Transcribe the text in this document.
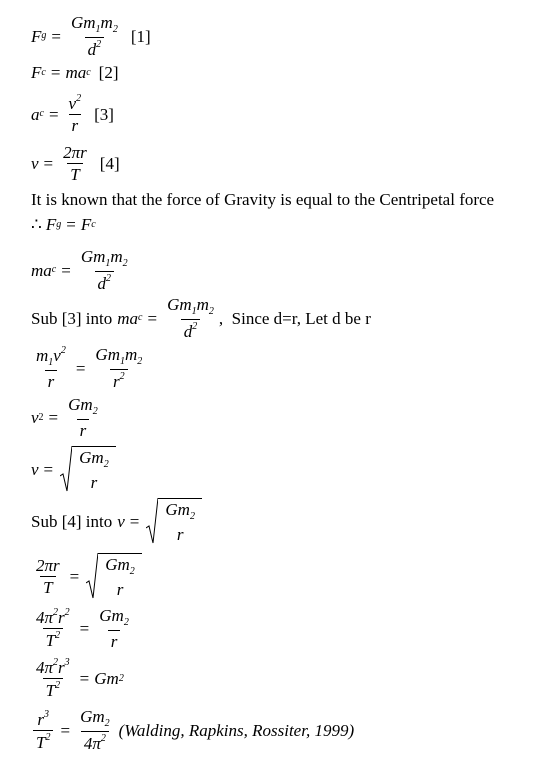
F $g = \frac{Gm_1m_2}{d^2} [1]$
F c = ma c [2]
a $c = \frac{v^2}{r} [3]$
$v = \frac{2\pi r}{T} [4]$
It is known that the force of Gravity is equal to the Centripetal force
∴ F g = F c
ma $c = \frac{Gm_1m_2}{d^2}$
Sub [3] into ma $c = \frac{Gm_1m_2}{d^2}$ ,  Since d=r, Let d be r
$\frac{m_1v^2}{r} = \frac{Gm_1m_2}{r^2}$
v $2 = \frac{Gm_2}{r}$
v =
$Gm_2$
r
Sub [4] into v =
$Gm_2$
r
$\frac{2\pi r}{T}$ =
$Gm_2$
r
$\frac{4\pi^2r^2}{T^2} = \frac{Gm_2}{r}$
$\frac{4\pi^2r^3}{T^2} = Gm$ 2
$\frac{r^3}{T^2} = \frac{Gm_2}{4\pi^2}$ (Walding, Rapkins, Rossiter, 1999)
